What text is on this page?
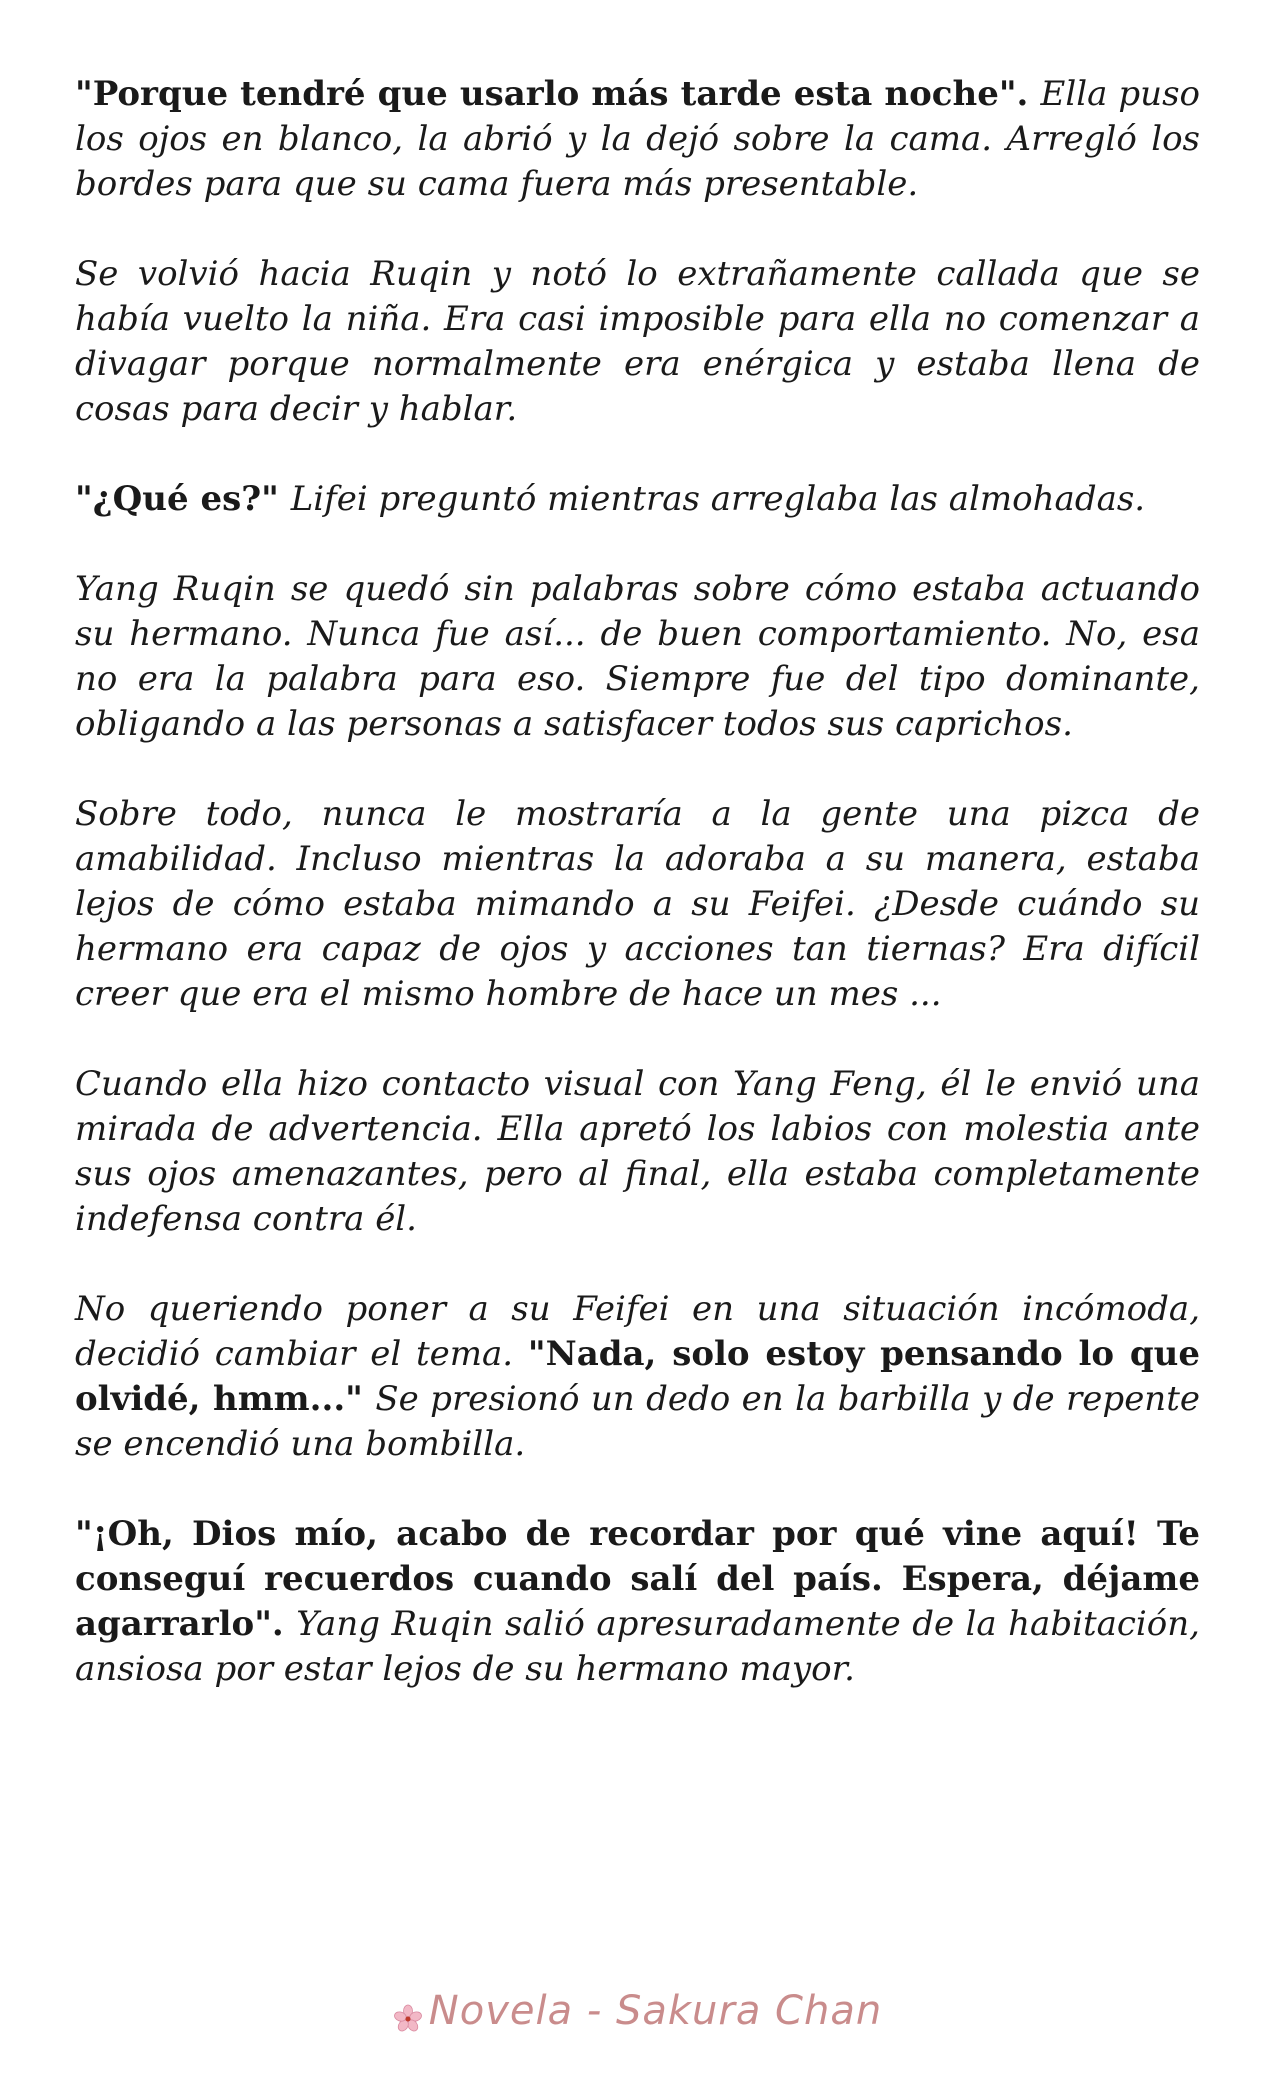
"Porque tendré que usarlo más tarde esta noche". Ella puso los ojos en blanco, la abrió y la dejó sobre la cama. Arregló los bordes para que su cama fuera más presentable.

Se volvió hacia Ruqin y notó lo extrañamente callada que se había vuelto la niña. Era casi imposible para ella no comenzar a divagar porque normalmente era enérgica y estaba llena de cosas para decir y hablar.

"¿Qué es?" Lifei preguntó mientras arreglaba las almohadas.

Yang Ruqin se quedó sin palabras sobre cómo estaba actuando su hermano. Nunca fue así... de buen comportamiento. No, esa no era la palabra para eso. Siempre fue del tipo dominante, obligando a las personas a satisfacer todos sus caprichos.

Sobre todo, nunca le mostraría a la gente una pizca de amabilidad. Incluso mientras la adoraba a su manera, estaba lejos de cómo estaba mimando a su Feifei. ¿Desde cuándo su hermano era capaz de ojos y acciones tan tiernas? Era difícil creer que era el mismo hombre de hace un mes ...

Cuando ella hizo contacto visual con Yang Feng, él le envió una mirada de advertencia. Ella apretó los labios con molestia ante sus ojos amenazantes, pero al final, ella estaba completamente indefensa contra él.

No queriendo poner a su Feifei en una situación incómoda, decidió cambiar el tema. "Nada, solo estoy pensando lo que olvidé, hmm..." Se presionó un dedo en la barbilla y de repente se encendió una bombilla.

"¡Oh, Dios mío, acabo de recordar por qué vine aquí! Te conseguí recuerdos cuando salí del país. Espera, déjame agarrarlo". Yang Ruqin salió apresuradamente de la habitación, ansiosa por estar lejos de su hermano mayor.

Novela - Sakura Chan
